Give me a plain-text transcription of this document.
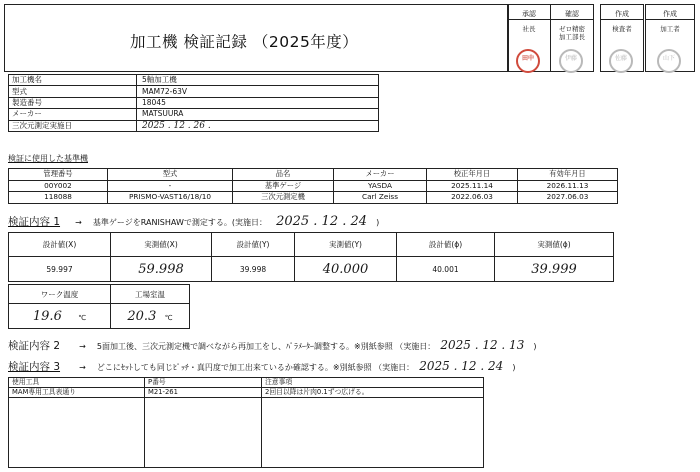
加工機 検証記録 （2025年度）
承認
社長
田中
確認
ゼロ精密
加工部長
伊藤
作成
検査者
佐藤
作成
加工者
山下
加工機名	5軸加工機
型式	MAM72-63V
製造番号	18045
メーカー	MATSUURA
三次元測定実施日	2025 . 12 . 26 .
検証に使用した基準機
管理番号	型式	品名	メーカー	校正年月日	有効年月日
00Y002	-	基準ゲージ	YASDA	2025.11.14	2026.11.13
118088	PRISMO-VAST16/18/10	三次元測定機	Carl Zeiss	2022.06.03	2027.06.03
検証内容 1 → 基準ゲージをRANISHAWで測定する。(実施日： 2025 . 12 . 24 )
設計値(X)	実測値(X)	設計値(Y)	実測値(Y)	設計値(ϕ)	実測値(ϕ)
59.997	59.998	39.998	40.000	40.001	39.999
ワーク温度	工場室温
19.6 ℃	20.3 ℃
検証内容 2 → 5面加工後、三次元測定機で調べながら再加工をし、ﾊﾟﾗﾒｰﾀｰ調整する。※別紙参照 （実施日： 2025 . 12 . 13 )
検証内容 3 → どこにｾｯﾄしても同じﾋﾟｯﾁ・真円度で加工出来ているか確認する。※別紙参照 （実施日： 2025 . 12 . 24 )
使用工具	P番号	注意事項
MAM専用工具表通り	M21-261	2回目以降は片肉0.1ずつ広げる。
